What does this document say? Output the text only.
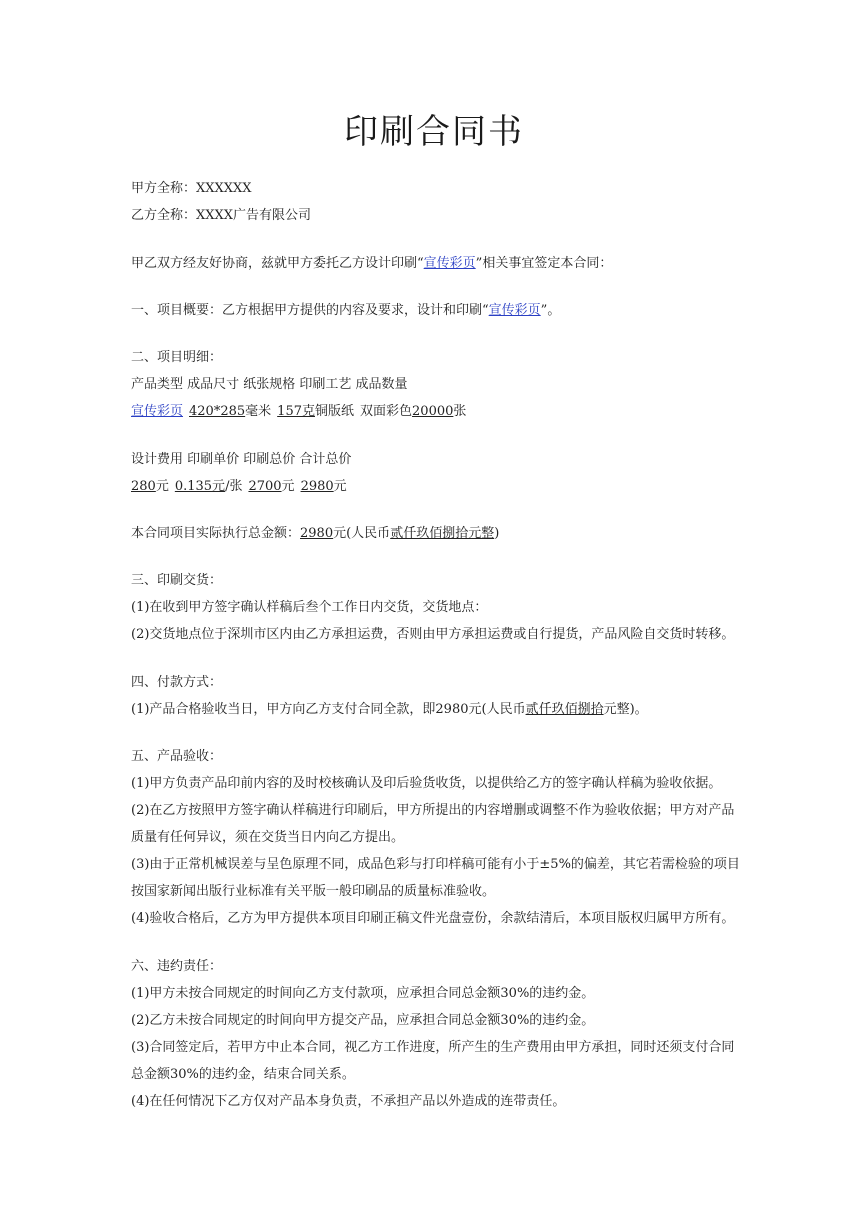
印刷合同书
甲方全称：XXXXXX
乙方全称：XXXX广告有限公司
甲乙双方经友好协商，兹就甲方委托乙方设计印刷“宣传彩页”相关事宜签定本合同：
一、项目概要：乙方根据甲方提供的内容及要求，设计和印刷“宣传彩页”。
二、项目明细：
产品类型 成品尺寸 纸张规格 印刷工艺 成品数量
宣传彩页 420*285毫米 157克铜版纸 双面彩色20000张
设计费用 印刷单价 印刷总价 合计总价
280元 0.135元/张 2700元 2980元
本合同项目实际执行总金额：2980元(人民币贰仟玖佰捌拾元整)
三、印刷交货：
(1)在收到甲方签字确认样稿后叁个工作日内交货，交货地点：
(2)交货地点位于深圳市区内由乙方承担运费，否则由甲方承担运费或自行提货，产品风险自交货时转移。
四、付款方式：
(1)产品合格验收当日，甲方向乙方支付合同全款，即2980元(人民币贰仟玖佰捌拾元整)。
五、产品验收：
(1)甲方负责产品印前内容的及时校核确认及印后验货收货，以提供给乙方的签字确认样稿为验收依据。
(2)在乙方按照甲方签字确认样稿进行印刷后，甲方所提出的内容增删或调整不作为验收依据；甲方对产品
质量有任何异议，须在交货当日内向乙方提出。
(3)由于正常机械误差与呈色原理不同，成品色彩与打印样稿可能有小于±5%的偏差，其它若需检验的项目
按国家新闻出版行业标准有关平版一般印刷品的质量标准验收。
(4)验收合格后，乙方为甲方提供本项目印刷正稿文件光盘壹份，余款结清后，本项目版权归属甲方所有。
六、违约责任：
(1)甲方未按合同规定的时间向乙方支付款项，应承担合同总金额30%的违约金。
(2)乙方未按合同规定的时间向甲方提交产品，应承担合同总金额30%的违约金。
(3)合同签定后，若甲方中止本合同，视乙方工作进度，所产生的生产费用由甲方承担，同时还须支付合同
总金额30%的违约金，结束合同关系。
(4)在任何情况下乙方仅对产品本身负责，不承担产品以外造成的连带责任。
